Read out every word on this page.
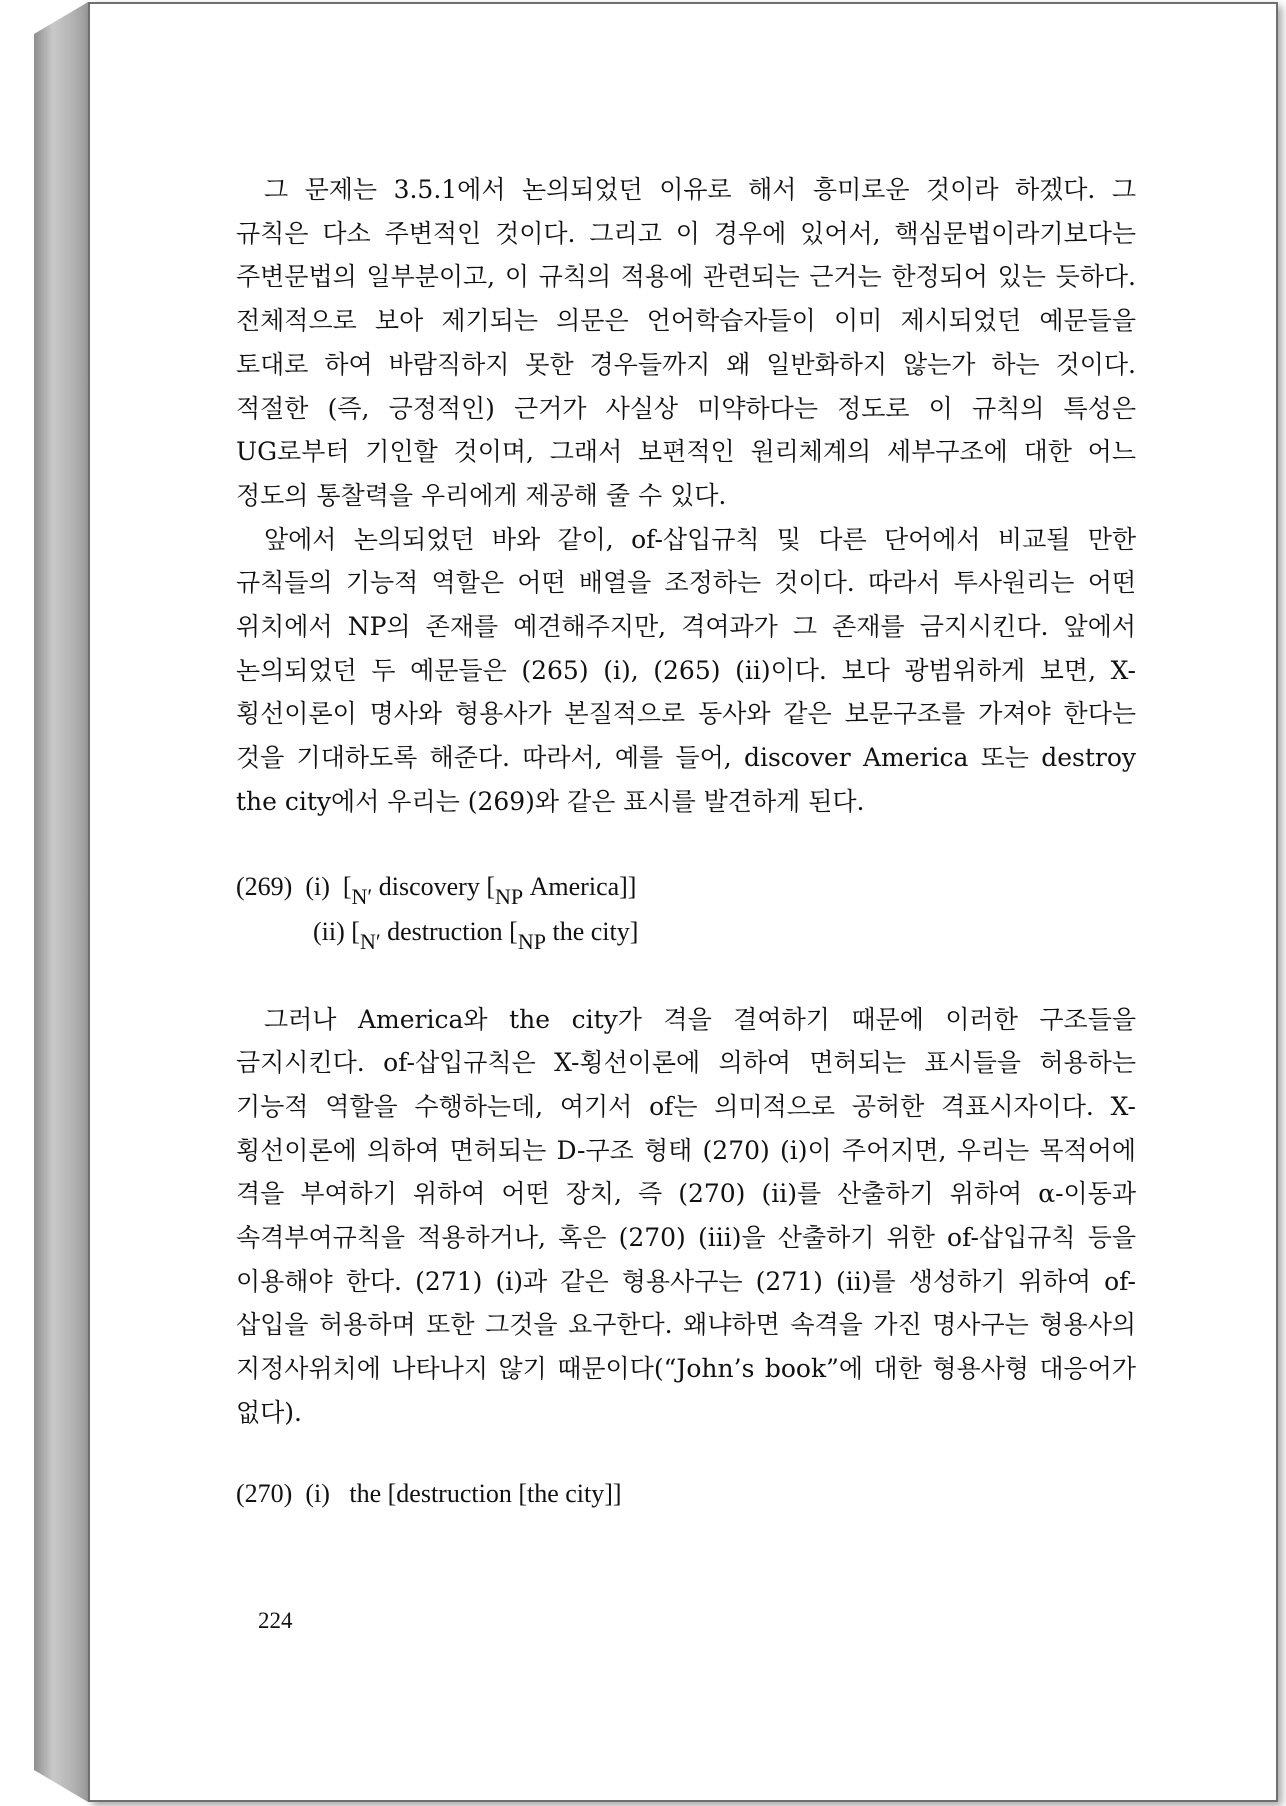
그 문제는 3.5.1에서 논의되었던 이유로 해서 흥미로운 것이라 하겠다. 그 규칙은 다소 주변적인 것이다. 그리고 이 경우에 있어서, 핵심문법이라기보다는 주변문법의 일부분이고, 이 규칙의 적용에 관련되는 근거는 한정되어 있는 듯하다. 전체적으로 보아 제기되는 의문은 언어학습자들이 이미 제시되었던 예문들을 토대로 하여 바람직하지 못한 경우들까지 왜 일반화하지 않는가 하는 것이다. 적절한 (즉, 긍정적인) 근거가 사실상 미약하다는 정도로 이 규칙의 특성은 UG로부터 기인할 것이며, 그래서 보편적인 원리체계의 세부구조에 대한 어느 정도의 통찰력을 우리에게 제공해 줄 수 있다.

앞에서 논의되었던 바와 같이, of-삽입규칙 및 다른 단어에서 비교될 만한 규칙들의 기능적 역할은 어떤 배열을 조정하는 것이다. 따라서 투사원리는 어떤 위치에서 NP의 존재를 예견해주지만, 격여과가 그 존재를 금지시킨다. 앞에서 논의되었던 두 예문들은 (265) (i), (265) (ii)이다. 보다 광범위하게 보면, X-횡선이론이 명사와 형용사가 본질적으로 동사와 같은 보문구조를 가져야 한다는 것을 기대하도록 해준다. 따라서, 예를 들어, discover America 또는 destroy the city에서 우리는 (269)와 같은 표시를 발견하게 된다.

(269) (i) [$_{N'}$ discovery [$_{NP}$ America]]
(ii) [$_{N'}$ destruction [$_{NP}$ the city]

그러나 America와 the city가 격을 결여하기 때문에 이러한 구조들을 금지시킨다. of-삽입규칙은 X-횡선이론에 의하여 면허되는 표시들을 허용하는 기능적 역할을 수행하는데, 여기서 of는 의미적으로 공허한 격표시자이다. X-횡선이론에 의하여 면허되는 D-구조 형태 (270) (i)이 주어지면, 우리는 목적어에 격을 부여하기 위하여 어떤 장치, 즉 (270) (ii)를 산출하기 위하여 α-이동과 속격부여규칙을 적용하거나, 혹은 (270) (iii)을 산출하기 위한 of-삽입규칙 등을 이용해야 한다. (271) (i)과 같은 형용사구는 (271) (ii)를 생성하기 위하여 of-삽입을 허용하며 또한 그것을 요구한다. 왜냐하면 속격을 가진 명사구는 형용사의 지정사위치에 나타나지 않기 때문이다(“John’s book”에 대한 형용사형 대응어가 없다).

(270) (i) the [destruction [the city]]
224
